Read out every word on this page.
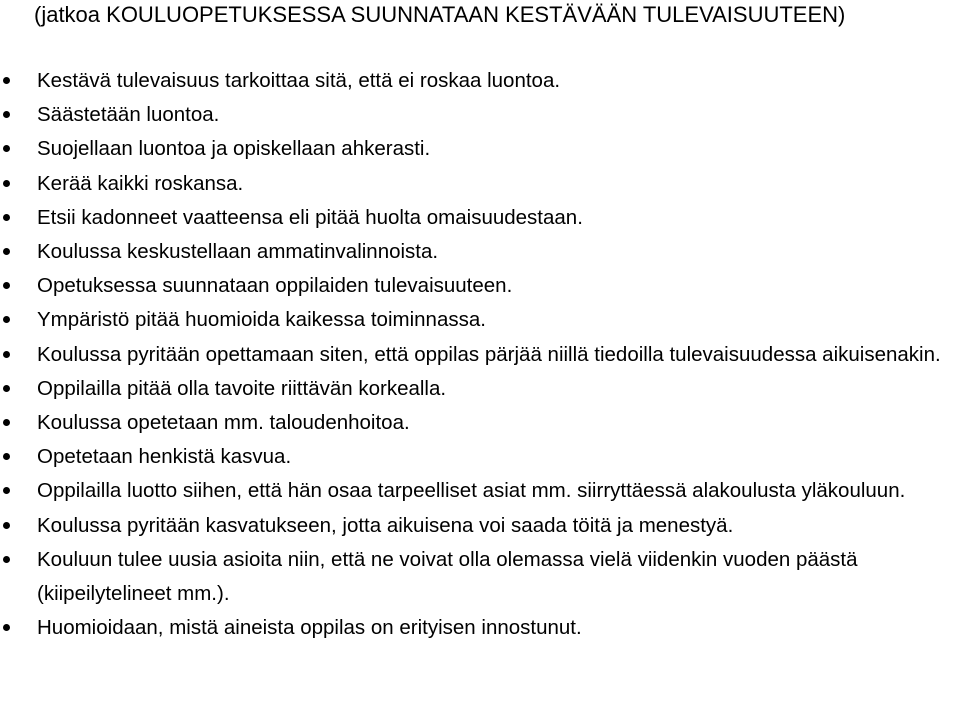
(jatkoa KOULUOPETUKSESSA SUUNNATAAN KESTÄVÄÄN TULEVAISUUTEEN)
Kestävä tulevaisuus tarkoittaa sitä, että ei roskaa luontoa.
Säästetään luontoa.
Suojellaan luontoa ja opiskellaan ahkerasti.
Kerää kaikki roskansa.
Etsii kadonneet vaatteensa eli pitää huolta omaisuudestaan.
Koulussa keskustellaan ammatinvalinnoista.
Opetuksessa suunnataan oppilaiden tulevaisuuteen.
Ympäristö pitää huomioida kaikessa toiminnassa.
Koulussa pyritään opettamaan siten, että oppilas pärjää niillä tiedoilla tulevaisuudessa aikuisenakin.
Oppilailla pitää olla tavoite riittävän korkealla.
Koulussa opetetaan mm. taloudenhoitoa.
Opetetaan henkistä kasvua.
Oppilailla luotto siihen, että hän osaa tarpeelliset asiat mm. siirryttäessä alakoulusta yläkouluun.
Koulussa pyritään kasvatukseen, jotta aikuisena voi saada töitä ja menestyä.
Kouluun tulee uusia asioita niin, että ne voivat olla olemassa vielä viidenkin vuoden päästä (kiipeilytelineet mm.).
Huomioidaan, mistä aineista oppilas on erityisen innostunut.
